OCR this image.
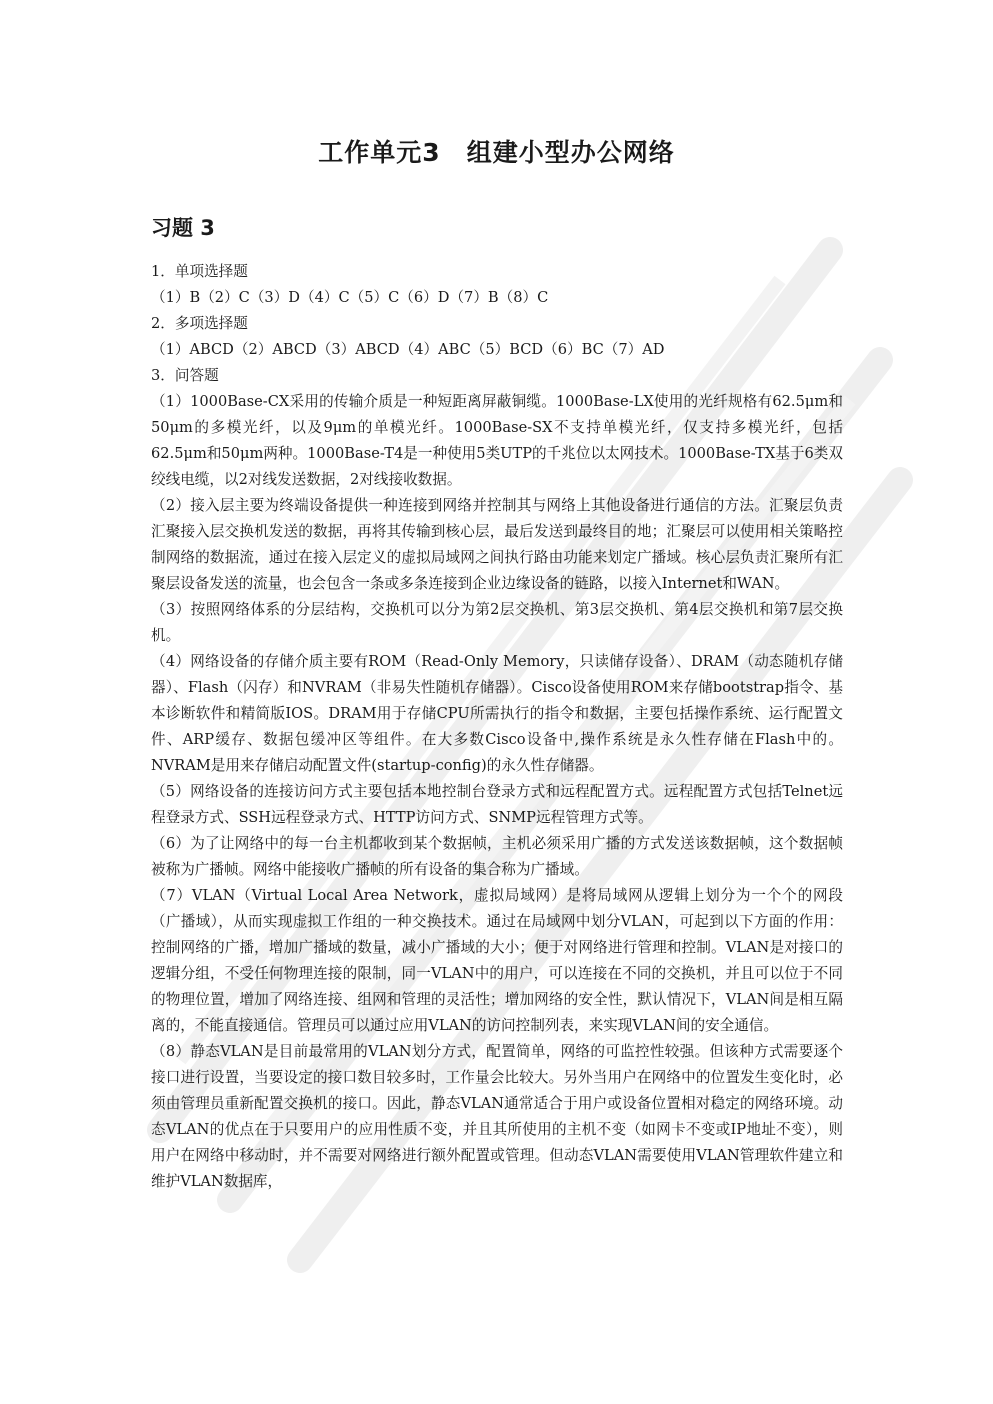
工作单元3　组建小型办公网络
习题 3
1．单项选择题
（1）B（2）C（3）D（4）C（5）C（6）D（7）B（8）C
2．多项选择题
（1）ABCD（2）ABCD（3）ABCD（4）ABC（5）BCD（6）BC（7）AD
3．问答题
（1）1000Base-CX采用的传输介质是一种短距离屏蔽铜缆。1000Base-LX使用的光纤规格有62.5μm和50μm的多模光纤，以及9μm的单模光纤。1000Base-SX不支持单模光纤，仅支持多模光纤，包括62.5μm和50μm两种。1000Base-T4是一种使用5类UTP的千兆位以太网技术。1000Base-TX基于6类双绞线电缆，以2对线发送数据，2对线接收数据。
（2）接入层主要为终端设备提供一种连接到网络并控制其与网络上其他设备进行通信的方法。汇聚层负责汇聚接入层交换机发送的数据，再将其传输到核心层，最后发送到最终目的地；汇聚层可以使用相关策略控制网络的数据流，通过在接入层定义的虚拟局域网之间执行路由功能来划定广播域。核心层负责汇聚所有汇聚层设备发送的流量，也会包含一条或多条连接到企业边缘设备的链路，以接入Internet和WAN。
（3）按照网络体系的分层结构，交换机可以分为第2层交换机、第3层交换机、第4层交换机和第7层交换机。
（4）网络设备的存储介质主要有ROM（Read-Only Memory，只读储存设备）、DRAM（动态随机存储器）、Flash（闪存）和NVRAM（非易失性随机存储器）。Cisco设备使用ROM来存储bootstrap指令、基本诊断软件和精简版IOS。DRAM用于存储CPU所需执行的指令和数据，主要包括操作系统、运行配置文件、ARP缓存、数据包缓冲区等组件。在大多数Cisco设备中,操作系统是永久性存储在Flash中的。NVRAM是用来存储启动配置文件(startup-config)的永久性存储器。
（5）网络设备的连接访问方式主要包括本地控制台登录方式和远程配置方式。远程配置方式包括Telnet远程登录方式、SSH远程登录方式、HTTP访问方式、SNMP远程管理方式等。
（6）为了让网络中的每一台主机都收到某个数据帧，主机必须采用广播的方式发送该数据帧，这个数据帧被称为广播帧。网络中能接收广播帧的所有设备的集合称为广播域。
（7）VLAN（Virtual Local Area Network，虚拟局域网）是将局域网从逻辑上划分为一个个的网段（广播域），从而实现虚拟工作组的一种交换技术。通过在局域网中划分VLAN，可起到以下方面的作用：控制网络的广播，增加广播域的数量，减小广播域的大小；便于对网络进行管理和控制。VLAN是对接口的逻辑分组，不受任何物理连接的限制，同一VLAN中的用户，可以连接在不同的交换机，并且可以位于不同的物理位置，增加了网络连接、组网和管理的灵活性；增加网络的安全性，默认情况下，VLAN间是相互隔离的，不能直接通信。管理员可以通过应用VLAN的访问控制列表，来实现VLAN间的安全通信。
（8）静态VLAN是目前最常用的VLAN划分方式，配置简单，网络的可监控性较强。但该种方式需要逐个接口进行设置，当要设定的接口数目较多时，工作量会比较大。另外当用户在网络中的位置发生变化时，必须由管理员重新配置交换机的接口。因此，静态VLAN通常适合于用户或设备位置相对稳定的网络环境。动态VLAN的优点在于只要用户的应用性质不变，并且其所使用的主机不变（如网卡不变或IP地址不变），则用户在网络中移动时，并不需要对网络进行额外配置或管理。但动态VLAN需要使用VLAN管理软件建立和维护VLAN数据库，
